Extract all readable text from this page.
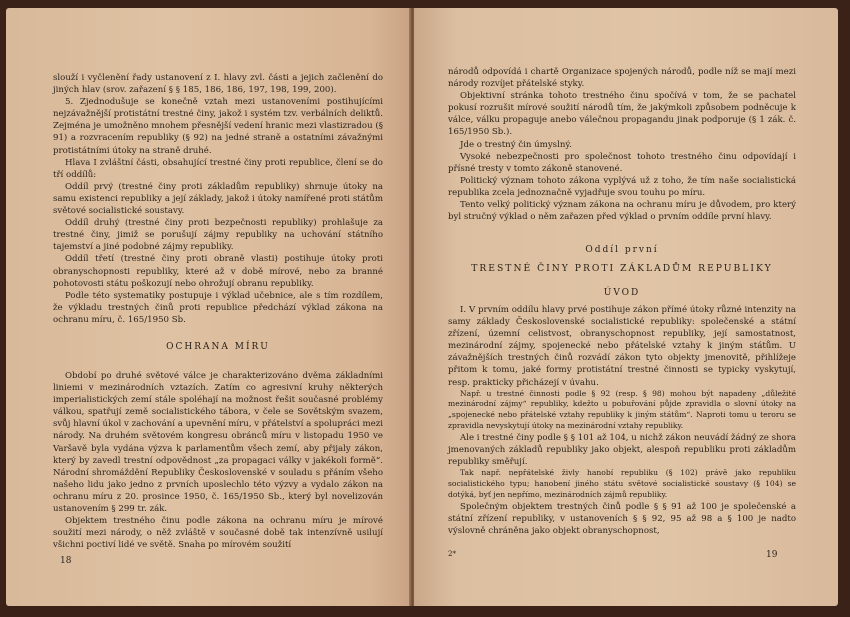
slouží i vyčlenění řady ustanovení z I. hlavy zvl. části a jejich začlenění do jiných hlav (srov. zařazení § § 185, 186, 186, 197, 198, 199, 200).

5. Zjednodušuje se konečně vztah mezi ustanoveními postihujícími nejzávažnější protistátní trestné činy, jakož i systém tzv. verbálních deliktů. Zejména je umožněno mnohem přesnější vedení hranic mezi vlastizradou (§ 91) a rozvracením republiky (§ 92) na jedné straně a ostatními závažnými protistátními útoky na straně druhé.

Hlava I zvláštní části, obsahující trestné činy proti republice, člení se do tří oddílů:

Oddíl prvý (trestné činy proti základům republiky) shrnuje útoky na samu existenci republiky a její základy, jakož i útoky namířené proti státům světové socialistické soustavy.

Oddíl druhý (trestné činy proti bezpečnosti republiky) prohlašuje za trestné činy, jimiž se porušují zájmy republiky na uchování státního tajemství a jiné podobné zájmy republiky.

Oddíl třetí (trestné činy proti obraně vlasti) postihuje útoky proti obranyschopnosti republiky, které až v době mírové, nebo za branné pohotovosti státu poškozují nebo ohrožují obranu republiky.

Podle této systematiky postupuje i výklad učebnice, ale s tím rozdílem, že výkladu trestných činů proti republice předchází výklad zákona na ochranu míru, č. 165/1950 Sb.

OCHRANA MÍRU

Období po druhé světové válce je charakterizováno dvěma základními liniemi v mezinárodních vztazích. Zatím co agresivní kruhy některých imperialistických zemí stále spoléhají na možnost řešit současné problémy válkou, spatřují země socialistického tábora, v čele se Sovětským svazem, svůj hlavní úkol v zachování a upevnění míru, v přátelství a spolupráci mezi národy. Na druhém světovém kongresu obránců míru v listopadu 1950 ve Varšavě byla vydána výzva k parlamentům všech zemí, aby přijaly zákon, který by zavedl trestní odpovědnost „za propagaci války v jakékoli formě“. Národní shromáždění Republiky Československé v souladu s přáním všeho našeho lidu jako jedno z prvních uposlechlo této výzvy a vydalo zákon na ochranu míru z 20. prosince 1950, č. 165/1950 Sb., který byl novelizován ustanovením § 299 tr. zák.

Objektem trestného činu podle zákona na ochranu míru je mírové soužití mezi národy, o něž zvláště v současné době tak intenzívně usilují všichni poctiví lidé ve světě. Snaha po mírovém soužití

18

národů odpovídá i chartě Organizace spojených národů, podle níž se mají mezi národy rozvíjet přátelské styky.

Objektivní stránka tohoto trestného činu spočívá v tom, že se pachatel pokusí rozrušit mírové soužití národů tím, že jakýmkoli způsobem podněcuje k válce, válku propaguje anebo válečnou propagandu jinak podporuje (§ 1 zák. č. 165/1950 Sb.).

Jde o trestný čin úmyslný.

Vysoké nebezpečnosti pro společnost tohoto trestného činu odpovídají i přísné tresty v tomto zákoně stanovené.

Politický význam tohoto zákona vyplývá už z toho, že tím naše socialistická republika zcela jednoznačně vyjadřuje svou touhu po míru.

Tento velký politický význam zákona na ochranu míru je důvodem, pro který byl stručný výklad o něm zařazen před výklad o prvním oddíle první hlavy.

Oddíl první
TRESTNÉ ČINY PROTI ZÁKLADŮM REPUBLIKY
ÚVOD

I. V prvním oddílu hlavy prvé postihuje zákon přímé útoky různé intenzity na samy základy Československé socialistické republiky: společenské a státní zřízení, územní celistvost, obranyschopnost republiky, její samostatnost, mezinárodní zájmy, spojenecké nebo přátelské vztahy k jiným státům. U závažnějších trestných činů rozvádí zákon tyto objekty jmenovitě, přihlížeje přitom k tomu, jaké formy protistátní trestné činnosti se typicky vyskytují, resp. prakticky přicházejí v úvahu.

Např. u trestné činnosti podle § 92 (resp. § 98) mohou být napadeny „důležité mezinárodní zájmy“ republiky, kdežto u pobuřování půjde zpravidla o slovní útoky na „spojenecké nebo přátelské vztahy republiky k jiným státům“. Naproti tomu u teroru se zpravidla nevyskytují útoky na mezinárodní vztahy republiky.

Ale i trestné činy podle § § 101 až 104, u nichž zákon neuvádí žádný ze shora jmenovaných základů republiky jako objekt, alespoň republiku proti základům republiky směřují.

Tak např. nepřátelské živly hanobí republiku (§ 102) právě jako republiku socialistického typu; hanobení jiného státu světové socialistické soustavy (§ 104) se dotýká, byť jen nepřímo, mezinárodních zájmů republiky.

Společným objektem trestných činů podle § § 91 až 100 je společenské a státní zřízení republiky, v ustanoveních § § 92, 95 až 98 a § 100 je nadto výslovně chráněna jako objekt obranyschopnost,

2*	19
